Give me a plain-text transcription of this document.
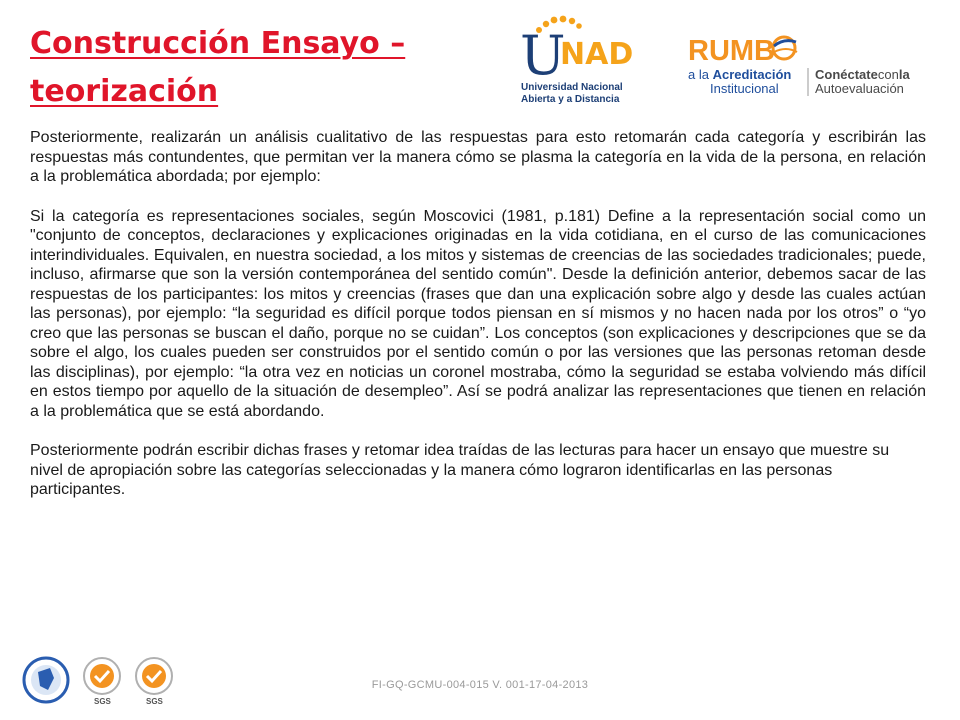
Construcción Ensayo – teorización
U
NAD
Universidad Nacional
Abierta y a Distancia
RUMB
a la Acreditación
Institucional
Conéctateconla
Autoevaluación

Posteriormente, realizarán un análisis cualitativo de las respuestas para esto retomarán cada categoría y escribirán las respuestas más contundentes, que permitan ver la manera cómo se plasma la categoría en la vida de la persona, en relación a la problemática abordada; por ejemplo:

Si la categoría es representaciones sociales, según Moscovici (1981, p.181) Define a la representación social como un "conjunto de conceptos, declaraciones y explicaciones originadas en la vida cotidiana, en el curso de las comunicaciones interindividuales. Equivalen, en nuestra sociedad, a los mitos y sistemas de creencias de las sociedades tradicionales; puede, incluso, afirmarse que son la versión contemporánea del sentido común". Desde la definición anterior, debemos sacar de las respuestas de los participantes: los mitos y creencias (frases que dan una explicación sobre algo y desde las cuales actúan las personas), por ejemplo: “la seguridad es difícil porque todos piensan en sí mismos y no hacen nada por los otros” o “yo creo que las personas se buscan el daño, porque no se cuidan”. Los conceptos (son explicaciones y descripciones que se da sobre el algo, los cuales pueden ser construidos por el sentido común o por las versiones que las personas retoman desde las disciplinas), por ejemplo: “la otra vez en noticias un coronel mostraba, cómo la seguridad se estaba volviendo más difícil en estos tiempo por aquello de la situación de desempleo”. Así se podrá analizar las representaciones que tienen en relación a la problemática que se está abordando.

Posteriormente podrán escribir dichas frases y retomar idea traídas de las lecturas para hacer un ensayo que muestre su nivel de apropiación sobre las categorías seleccionadas y la manera cómo lograron identificarlas en las personas participantes.

SGS	SGS
FI-GQ-GCMU-004-015 V. 001-17-04-2013
